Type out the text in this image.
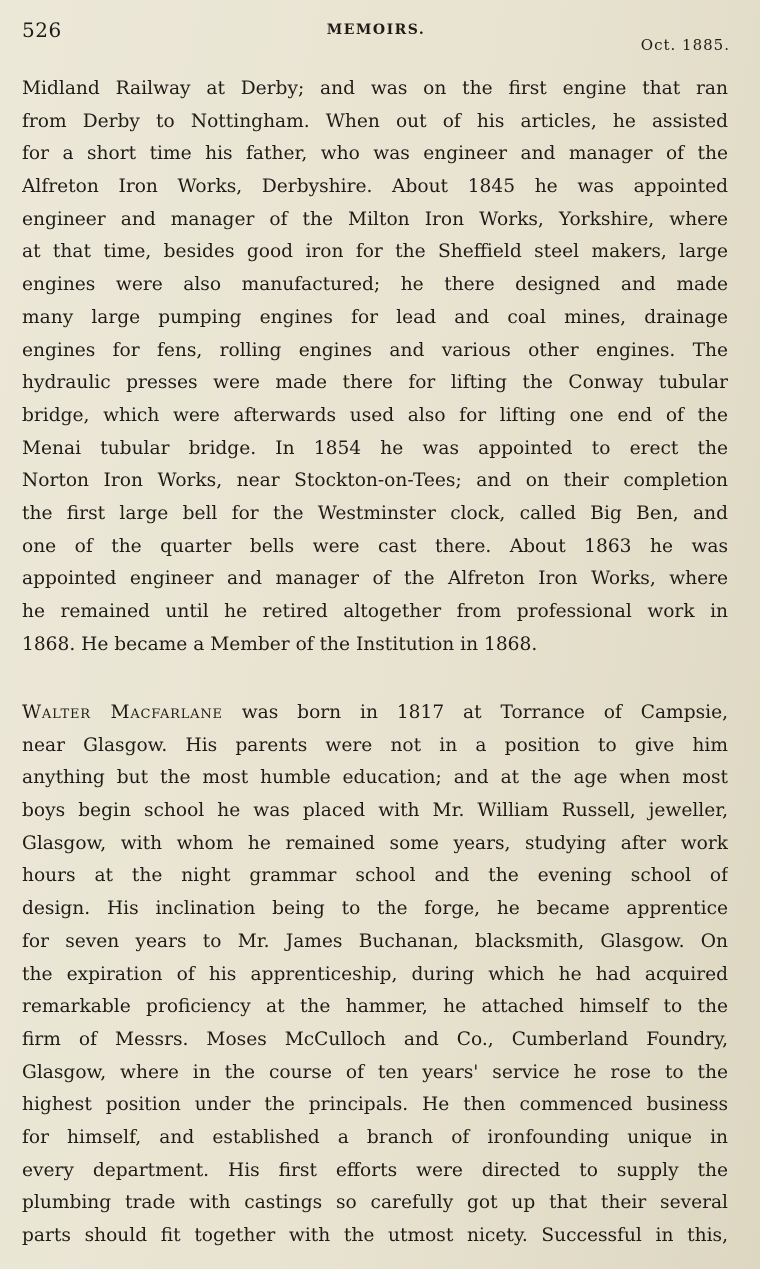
526	MEMOIRS.
Oct. 1885.
Midland Railway at Derby; and was on the first engine that ran
from Derby to Nottingham. When out of his articles, he assisted
for a short time his father, who was engineer and manager of the
Alfreton Iron Works, Derbyshire. About 1845 he was appointed
engineer and manager of the Milton Iron Works, Yorkshire, where
at that time, besides good iron for the Sheffield steel makers, large
engines were also manufactured; he there designed and made
many large pumping engines for lead and coal mines, drainage
engines for fens, rolling engines and various other engines. The
hydraulic presses were made there for lifting the Conway tubular
bridge, which were afterwards used also for lifting one end of the
Menai tubular bridge. In 1854 he was appointed to erect the
Norton Iron Works, near Stockton-on-Tees; and on their completion
the first large bell for the Westminster clock, called Big Ben, and
one of the quarter bells were cast there. About 1863 he was
appointed engineer and manager of the Alfreton Iron Works, where
he remained until he retired altogether from professional work in
1868. He became a Member of the Institution in 1868.
Walter Macfarlane was born in 1817 at Torrance of Campsie,
near Glasgow. His parents were not in a position to give him
anything but the most humble education; and at the age when most
boys begin school he was placed with Mr. William Russell, jeweller,
Glasgow, with whom he remained some years, studying after work
hours at the night grammar school and the evening school of
design. His inclination being to the forge, he became apprentice
for seven years to Mr. James Buchanan, blacksmith, Glasgow. On
the expiration of his apprenticeship, during which he had acquired
remarkable proficiency at the hammer, he attached himself to the
firm of Messrs. Moses McCulloch and Co., Cumberland Foundry,
Glasgow, where in the course of ten years' service he rose to the
highest position under the principals. He then commenced business
for himself, and established a branch of ironfounding unique in
every department. His first efforts were directed to supply the
plumbing trade with castings so carefully got up that their several
parts should fit together with the utmost nicety. Successful in this,
